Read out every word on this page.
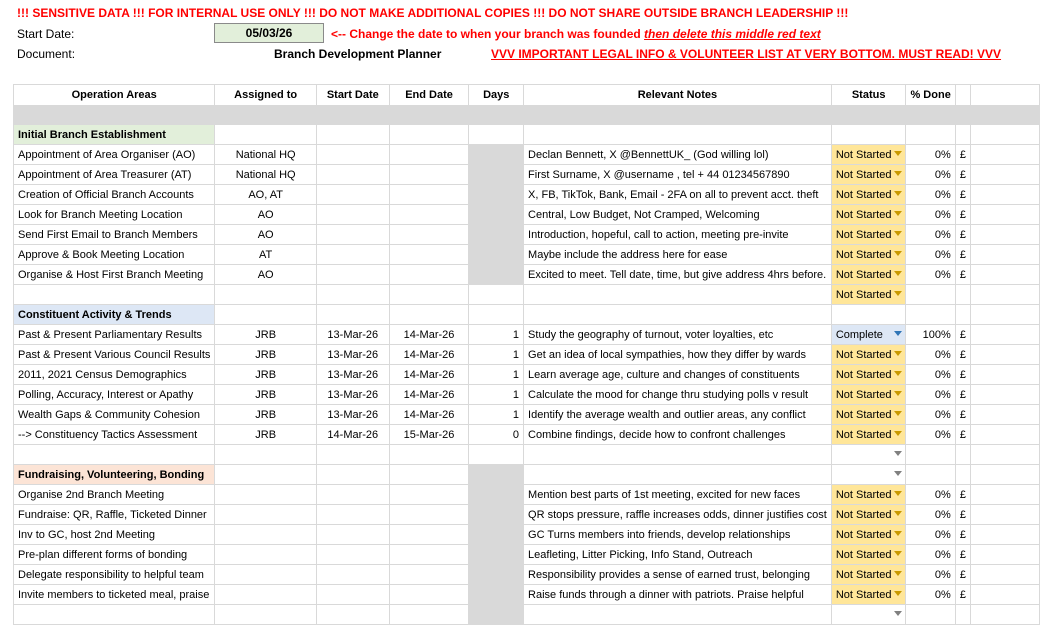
!!! SENSITIVE DATA !!! FOR INTERNAL USE ONLY !!! DO NOT MAKE ADDITIONAL COPIES !!! DO NOT SHARE OUTSIDE BRANCH LEADERSHIP !!!
Start Date:	05/03/26	<-- Change the date to when your branch was founded then delete this middle red text
Document:	Branch Development Planner	VVV IMPORTANT LEGAL INFO & VOLUNTEER LIST AT VERY BOTTOM. MUST READ! VVV
Operation Areas	Assigned to	Start Date	End Date	Days	Relevant Notes	Status	% Done		

Initial Branch Establishment									
Appointment of Area Organiser (AO)	National HQ				Declan Bennett, X @BennettUK_ (God willing lol)	Not Started	0%	£	
Appointment of Area Treasurer (AT)	National HQ				First Surname, X @username , tel + 44 01234567890	Not Started	0%	£	
Creation of Official Branch Accounts	AO, AT				X, FB, TikTok, Bank, Email - 2FA on all to prevent acct. theft	Not Started	0%	£	
Look for Branch Meeting Location	AO				Central, Low Budget, Not Cramped, Welcoming	Not Started	0%	£	
Send First Email to Branch Members	AO				Introduction, hopeful, call to action, meeting pre-invite	Not Started	0%	£	
Approve & Book Meeting Location	AT				Maybe include the address here for ease	Not Started	0%	£	
Organise & Host First Branch Meeting	AO				Excited to meet. Tell date, time, but give address 4hrs before.	Not Started	0%	£	
						Not Started

Constituent Activity & Trends									
Past & Present Parliamentary Results	JRB	13-Mar-26	14-Mar-26	1	Study the geography of turnout, voter loyalties, etc	Complete	100%	£	
Past & Present Various Council Results	JRB	13-Mar-26	14-Mar-26	1	Get an idea of local sympathies, how they differ by wards	Not Started	0%	£	
2011, 2021 Census Demographics	JRB	13-Mar-26	14-Mar-26	1	Learn average age, culture and changes of constituents	Not Started	0%	£	
Polling, Accuracy, Interest or Apathy	JRB	13-Mar-26	14-Mar-26	1	Calculate the mood for change thru studying polls v result	Not Started	0%	£	
Wealth Gaps & Community Cohesion	JRB	13-Mar-26	14-Mar-26	1	Identify the average wealth and outlier areas, any conflict	Not Started	0%	£	
--> Constituency Tactics Assessment	JRB	14-Mar-26	15-Mar-26	0	Combine findings, decide how to confront challenges	Not Started	0%	£	

Fundraising, Volunteering, Bonding						

Organise 2nd Branch Meeting					Mention best parts of 1st meeting, excited for new faces	Not Started	0%	£	
Fundraise: QR, Raffle, Ticketed Dinner					QR stops pressure, raffle increases odds, dinner justifies cost	Not Started	0%	£	
Inv to GC, host 2nd Meeting					GC Turns members into friends, develop relationships	Not Started	0%	£	
Pre-plan different forms of bonding					Leafleting, Litter Picking, Info Stand, Outreach	Not Started	0%	£	
Delegate responsibility to helpful team					Responsibility provides a sense of earned trust, belonging	Not Started	0%	£	
Invite members to ticketed meal, praise					Raise funds through a dinner with patriots. Praise helpful	Not Started	0%	£	
